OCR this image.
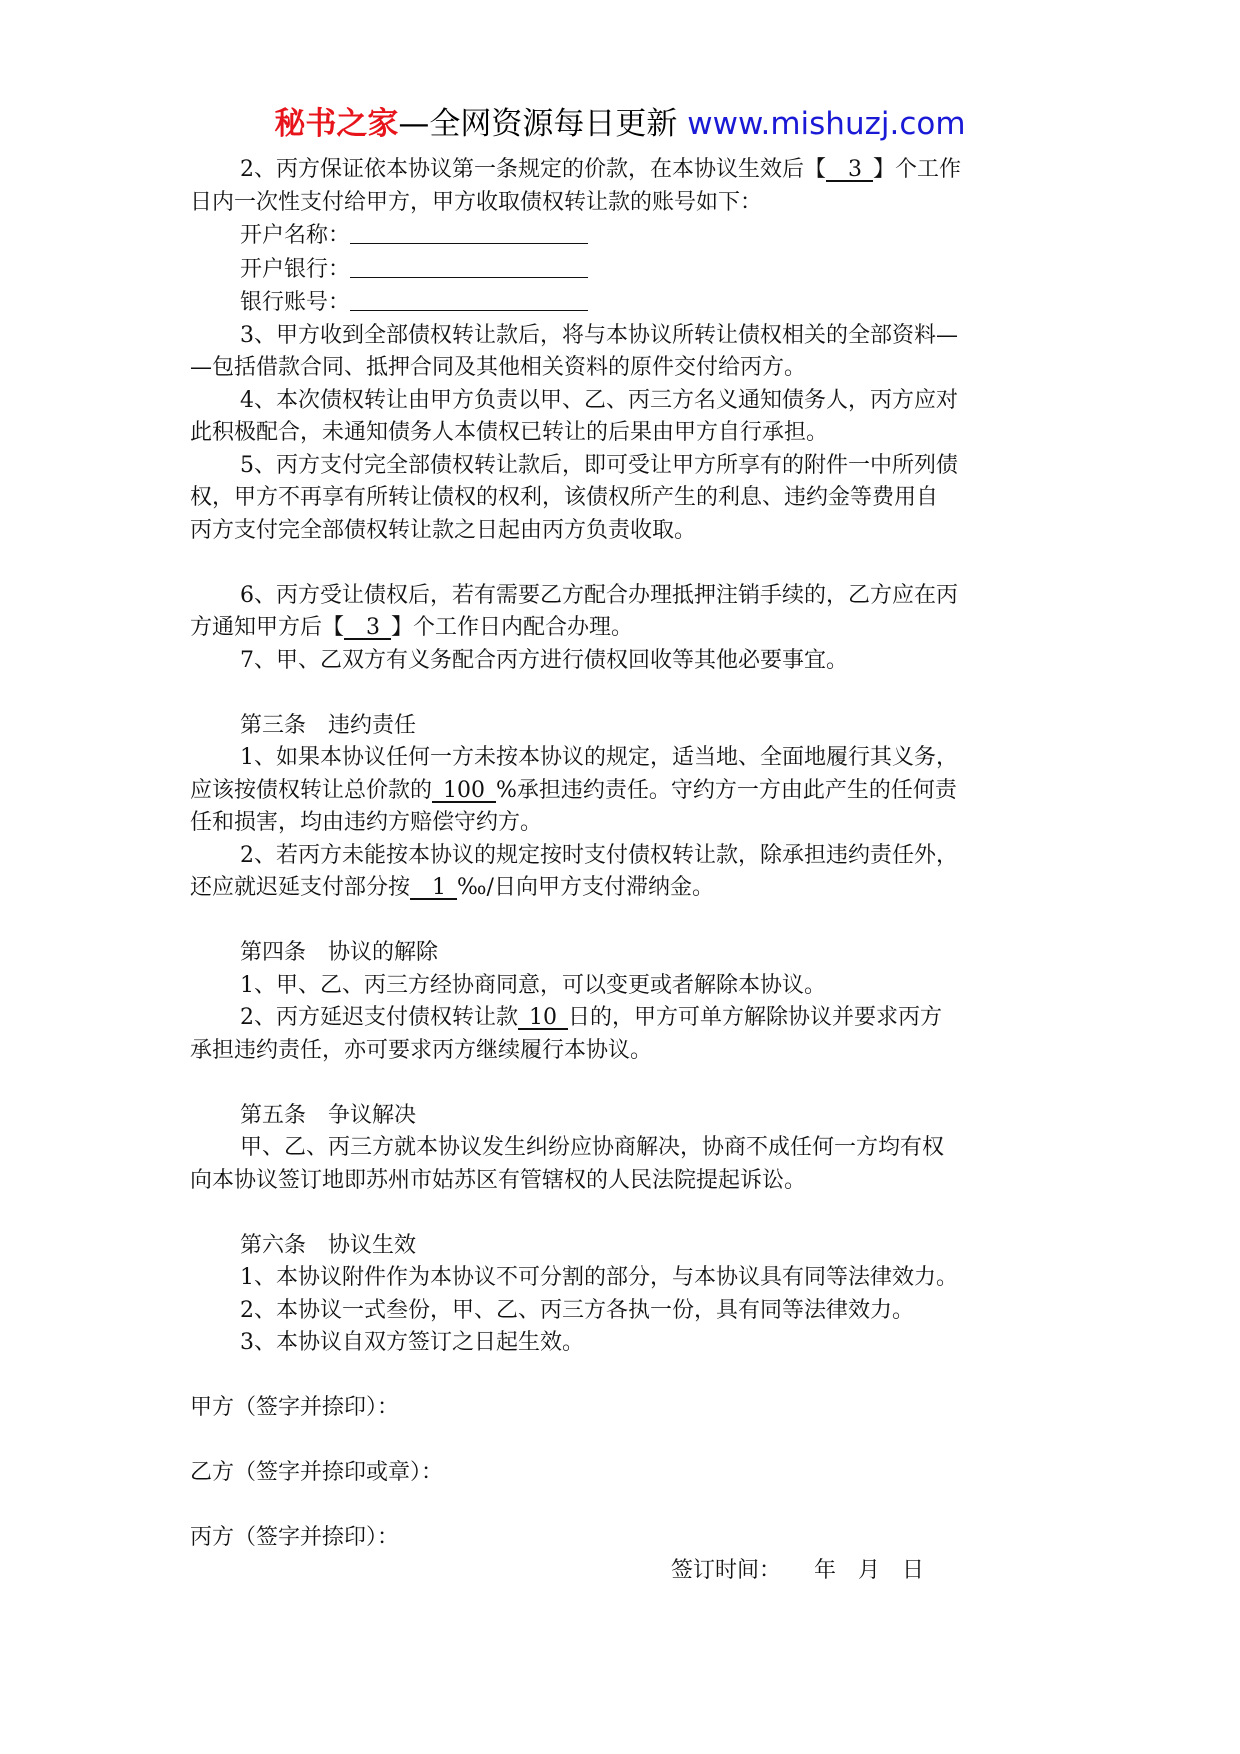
秘书之家—全网资源每日更新 www.mishuzj.com
2、丙方保证依本协议第一条规定的价款，在本协议生效后【__3_】个工作
日内一次性支付给甲方，甲方收取债权转让款的账号如下：
开户名称：
开户银行：
银行账号：
3、甲方收到全部债权转让款后，将与本协议所转让债权相关的全部资料—
—包括借款合同、抵押合同及其他相关资料的原件交付给丙方。
4、本次债权转让由甲方负责以甲、乙、丙三方名义通知债务人，丙方应对
此积极配合，未通知债务人本债权已转让的后果由甲方自行承担。
5、丙方支付完全部债权转让款后，即可受让甲方所享有的附件一中所列债
权，甲方不再享有所转让债权的权利，该债权所产生的利息、违约金等费用自
丙方支付完全部债权转让款之日起由丙方负责收取。
6、丙方受让债权后，若有需要乙方配合办理抵押注销手续的，乙方应在丙
方通知甲方后【__3_】个工作日内配合办理。
7、甲、乙双方有义务配合丙方进行债权回收等其他必要事宜。
第三条　违约责任
1、如果本协议任何一方未按本协议的规定，适当地、全面地履行其义务，
应该按债权转让总价款的_100_%承担违约责任。守约方一方由此产生的任何责
任和损害，均由违约方赔偿守约方。
2、若丙方未能按本协议的规定按时支付债权转让款，除承担违约责任外，
还应就迟延支付部分按__1_‰/日向甲方支付滞纳金。
第四条　协议的解除
1、甲、乙、丙三方经协商同意，可以变更或者解除本协议。
2、丙方延迟支付债权转让款_10_日的，甲方可单方解除协议并要求丙方
承担违约责任，亦可要求丙方继续履行本协议。
第五条　争议解决
甲、乙、丙三方就本协议发生纠纷应协商解决，协商不成任何一方均有权
向本协议签订地即苏州市姑苏区有管辖权的人民法院提起诉讼。
第六条　协议生效
1、本协议附件作为本协议不可分割的部分，与本协议具有同等法律效力。
2、本协议一式叁份，甲、乙、丙三方各执一份，具有同等法律效力。
3、本协议自双方签订之日起生效。
甲方（签字并捺印）：
乙方（签字并捺印或章）：
丙方（签字并捺印）：
签订时间：　　年　月　日
